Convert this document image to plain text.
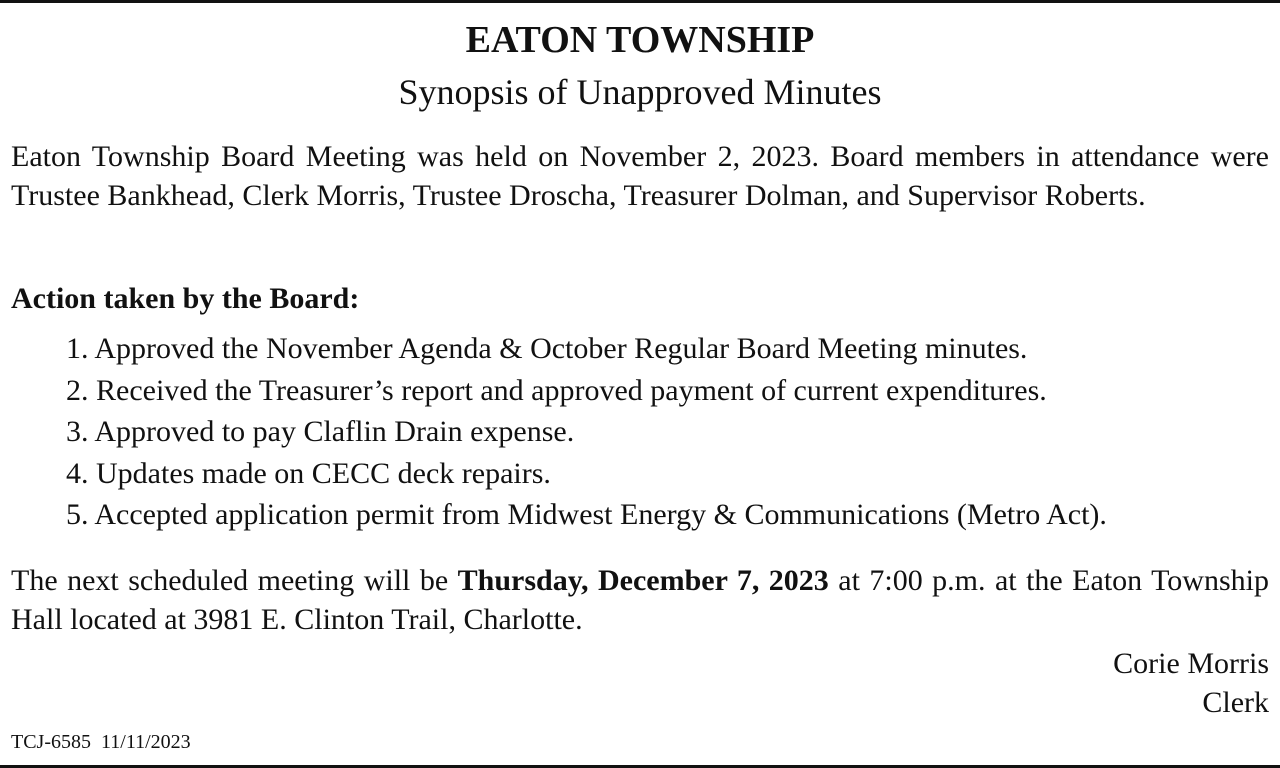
EATON TOWNSHIP
Synopsis of Unapproved Minutes

Eaton Township Board Meeting was held on November 2, 2023. Board members in attendance were Trustee Bankhead, Clerk Morris, Trustee Droscha, Treasurer Dolman, and Supervisor Roberts.

Action taken by the Board:
1. Approved the November Agenda & October Regular Board Meeting minutes.
2. Received the Treasurer’s report and approved payment of current expenditures.
3. Approved to pay Claflin Drain expense.
4. Updates made on CECC deck repairs.
5. Accepted application permit from Midwest Energy & Communications (Metro Act).

The next scheduled meeting will be Thursday, December 7, 2023 at 7:00 p.m. at the Eaton Township Hall located at 3981 E. Clinton Trail, Charlotte.

Corie Morris
Clerk
TCJ-6585 11/11/2023
